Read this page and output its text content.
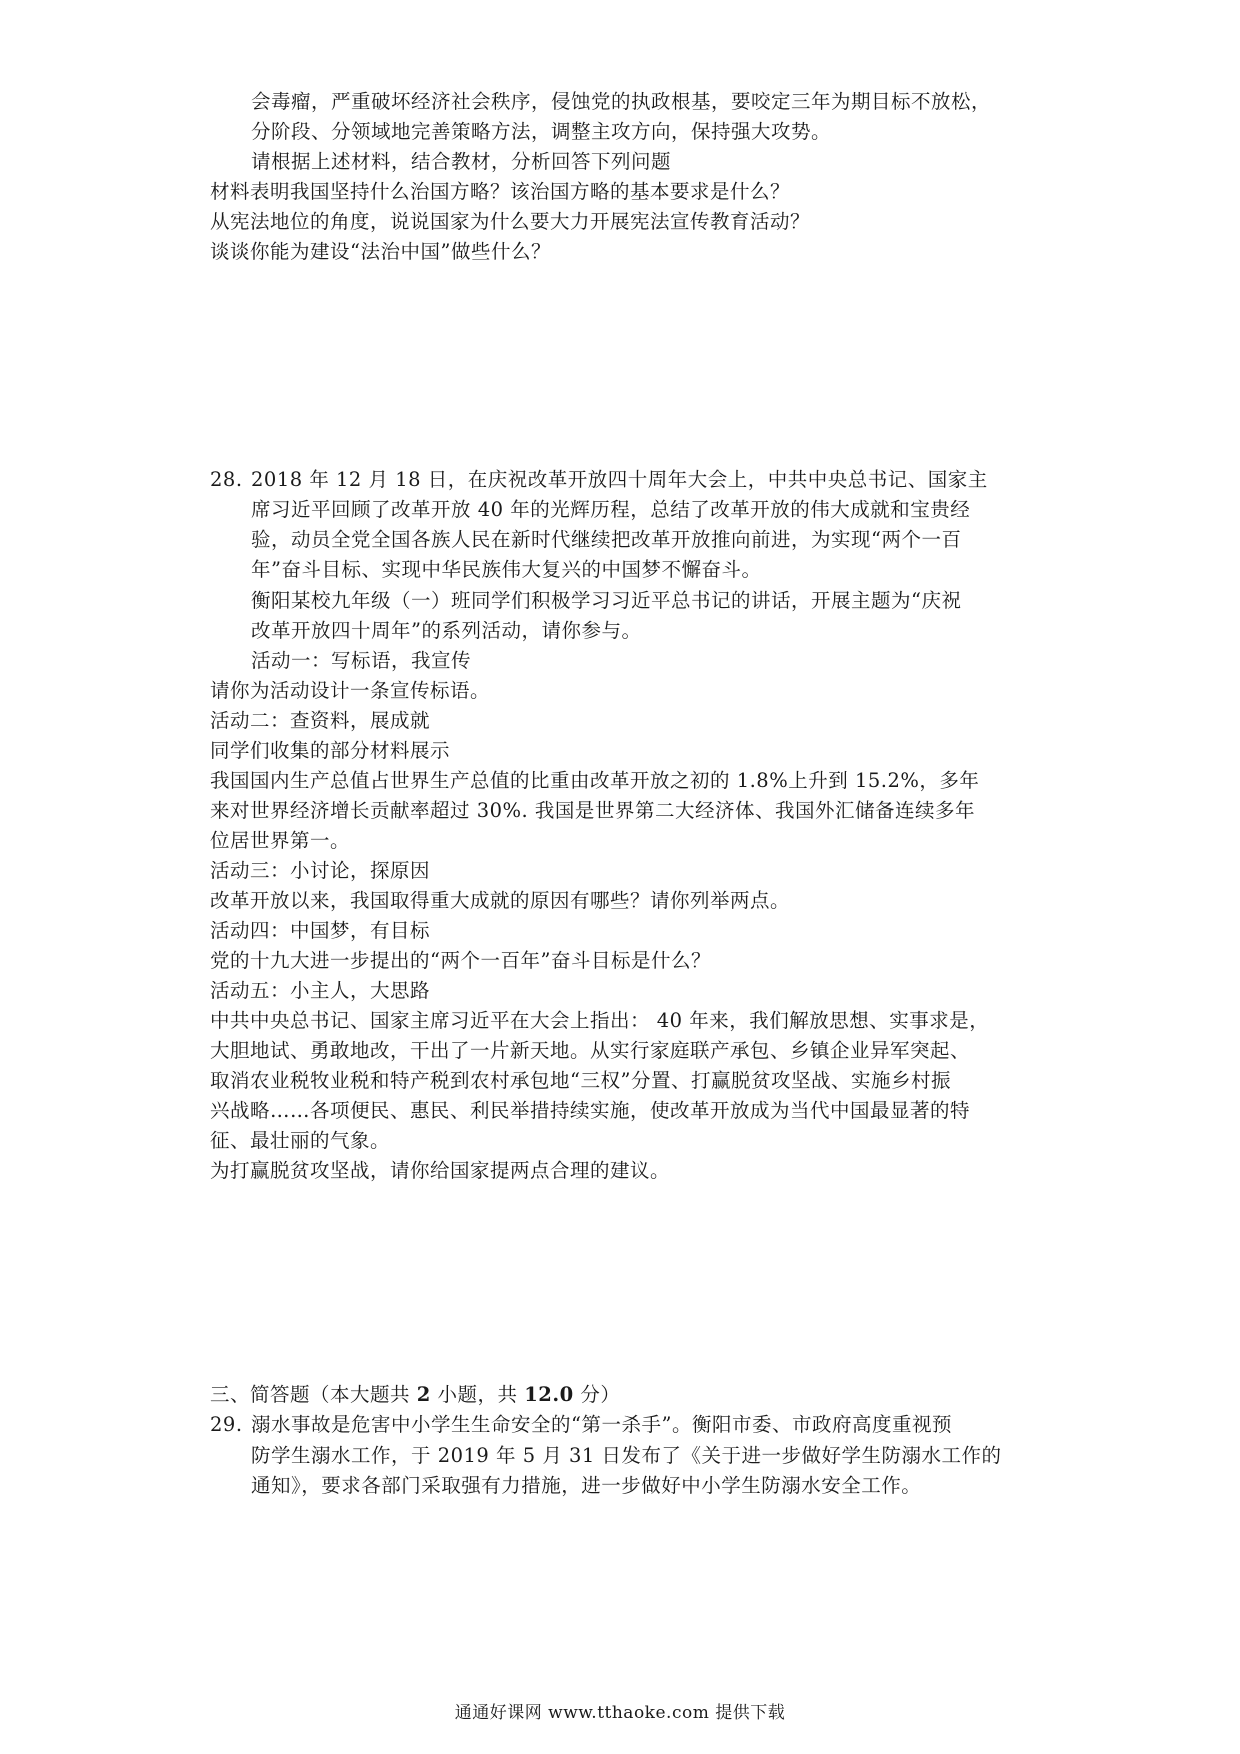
会毒瘤，严重破坏经济社会秩序，侵蚀党的执政根基，要咬定三年为期目标不放松，
分阶段、分领域地完善策略方法，调整主攻方向，保持强大攻势。
请根据上述材料，结合教材，分析回答下列问题
材料表明我国坚持什么治国方略？该治国方略的基本要求是什么？
从宪法地位的角度，说说国家为什么要大力开展宪法宣传教育活动？
谈谈你能为建设“法治中国”做些什么？
28. 2018 年 12 月 18 日，在庆祝改革开放四十周年大会上，中共中央总书记、国家主
席习近平回顾了改革开放 40 年的光辉历程，总结了改革开放的伟大成就和宝贵经
验，动员全党全国各族人民在新时代继续把改革开放推向前进，为实现“两个一百
年”奋斗目标、实现中华民族伟大复兴的中国梦不懈奋斗。
衡阳某校九年级（一）班同学们积极学习习近平总书记的讲话，开展主题为“庆祝
改革开放四十周年”的系列活动，请你参与。
活动一：写标语，我宣传
请你为活动设计一条宣传标语。
活动二：查资料，展成就
同学们收集的部分材料展示
我国国内生产总值占世界生产总值的比重由改革开放之初的 1.8%上升到 15.2%，多年
来对世界经济增长贡献率超过 30%. 我国是世界第二大经济体、我国外汇储备连续多年
位居世界第一。
活动三：小讨论，探原因
改革开放以来，我国取得重大成就的原因有哪些？请你列举两点。
活动四：中国梦，有目标
党的十九大进一步提出的“两个一百年”奋斗目标是什么？
活动五：小主人，大思路
中共中央总书记、国家主席习近平在大会上指出： 40 年来，我们解放思想、实事求是，
大胆地试、勇敢地改，干出了一片新天地。从实行家庭联产承包、乡镇企业异军突起、
取消农业税牧业税和特产税到农村承包地“三权”分置、打赢脱贫攻坚战、实施乡村振
兴战略……各项便民、惠民、利民举措持续实施，使改革开放成为当代中国最显著的特
征、最壮丽的气象。
为打赢脱贫攻坚战，请你给国家提两点合理的建议。
三、简答题（本大题共 2 小题，共 12.0 分）
29. 溺水事故是危害中小学生生命安全的“第一杀手”。衡阳市委、市政府高度重视预
防学生溺水工作，于 2019 年 5 月 31 日发布了《关于进一步做好学生防溺水工作的
通知》，要求各部门采取强有力措施，进一步做好中小学生防溺水安全工作。
通通好课网 www.tthaoke.com 提供下载
